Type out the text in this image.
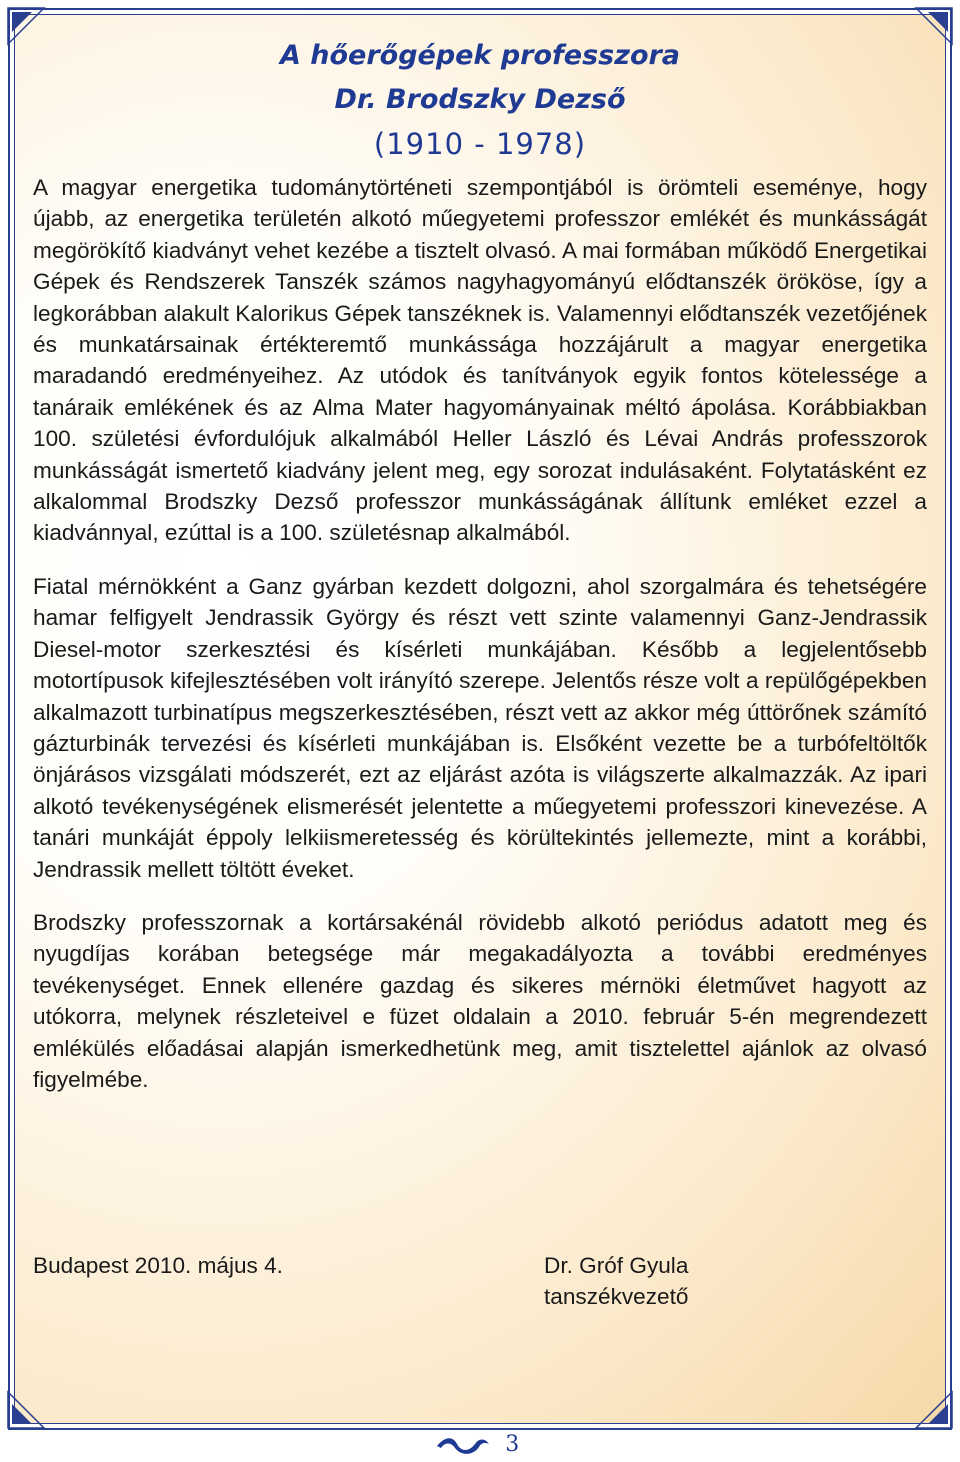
A hőerőgépek professzora
Dr. Brodszky Dezső
(1910 - 1978)

A magyar energetika tudománytörténeti szempontjából is örömteli eseménye, hogy újabb, az energetika területén alkotó műegyetemi professzor emlékét és munkásságát megörökítő kiadványt vehet kezébe a tisztelt olvasó. A mai formában működő Energetikai Gépek és Rendszerek Tanszék számos nagyhagyományú elődtanszék örököse, így a legkorábban alakult Kalorikus Gépek tanszéknek is. Valamennyi elődtanszék vezetőjének és munkatársainak értékteremtő munkássága hozzájárult a magyar energetika maradandó eredményeihez. Az utódok és tanítványok egyik fontos kötelessége a tanáraik emlékének és az Alma Mater hagyományainak méltó ápolása. Korábbiakban 100. születési évfordulójuk alkalmából Heller László és Lévai András professzorok munkásságát ismertető kiadvány jelent meg, egy sorozat indulásaként. Folytatásként ez alkalommal Brodszky Dezső professzor munkásságának állítunk emléket ezzel a kiadvánnyal, ezúttal is a 100. születésnap alkalmából.

Fiatal mérnökként a Ganz gyárban kezdett dolgozni, ahol szorgalmára és tehetségére hamar felfigyelt Jendrassik György és részt vett szinte valamennyi Ganz-Jendrassik Diesel-motor szerkesztési és kísérleti munkájában. Később a legjelentősebb motortípusok kifejlesztésében volt irányító szerepe. Jelentős része volt a repülőgépekben alkalmazott turbinatípus megszerkesztésében, részt vett az akkor még úttörőnek számító gázturbinák tervezési és kísérleti munkájában is. Elsőként vezette be a turbófeltöltők önjárásos vizsgálati módszerét, ezt az eljárást azóta is világszerte alkalmazzák. Az ipari alkotó tevékenységének elismerését jelentette a műegyetemi professzori kinevezése. A tanári munkáját éppoly lelkiismeretesség és körültekintés jellemezte, mint a korábbi, Jendrassik mellett töltött éveket.

Brodszky professzornak a kortársakénál rövidebb alkotó periódus adatott meg és nyugdíjas korában betegsége már megakadályozta a további eredményes tevékenységet. Ennek ellenére gazdag és sikeres mérnöki életművet hagyott az utókorra, melynek részleteivel e füzet oldalain a 2010. február 5-én megrendezett emlékülés előadásai alapján ismerkedhetünk meg, amit tisztelettel ajánlok az olvasó figyelmébe.

Budapest 2010. május 4.	Dr. Gróf Gyula
tanszékvezető
3
